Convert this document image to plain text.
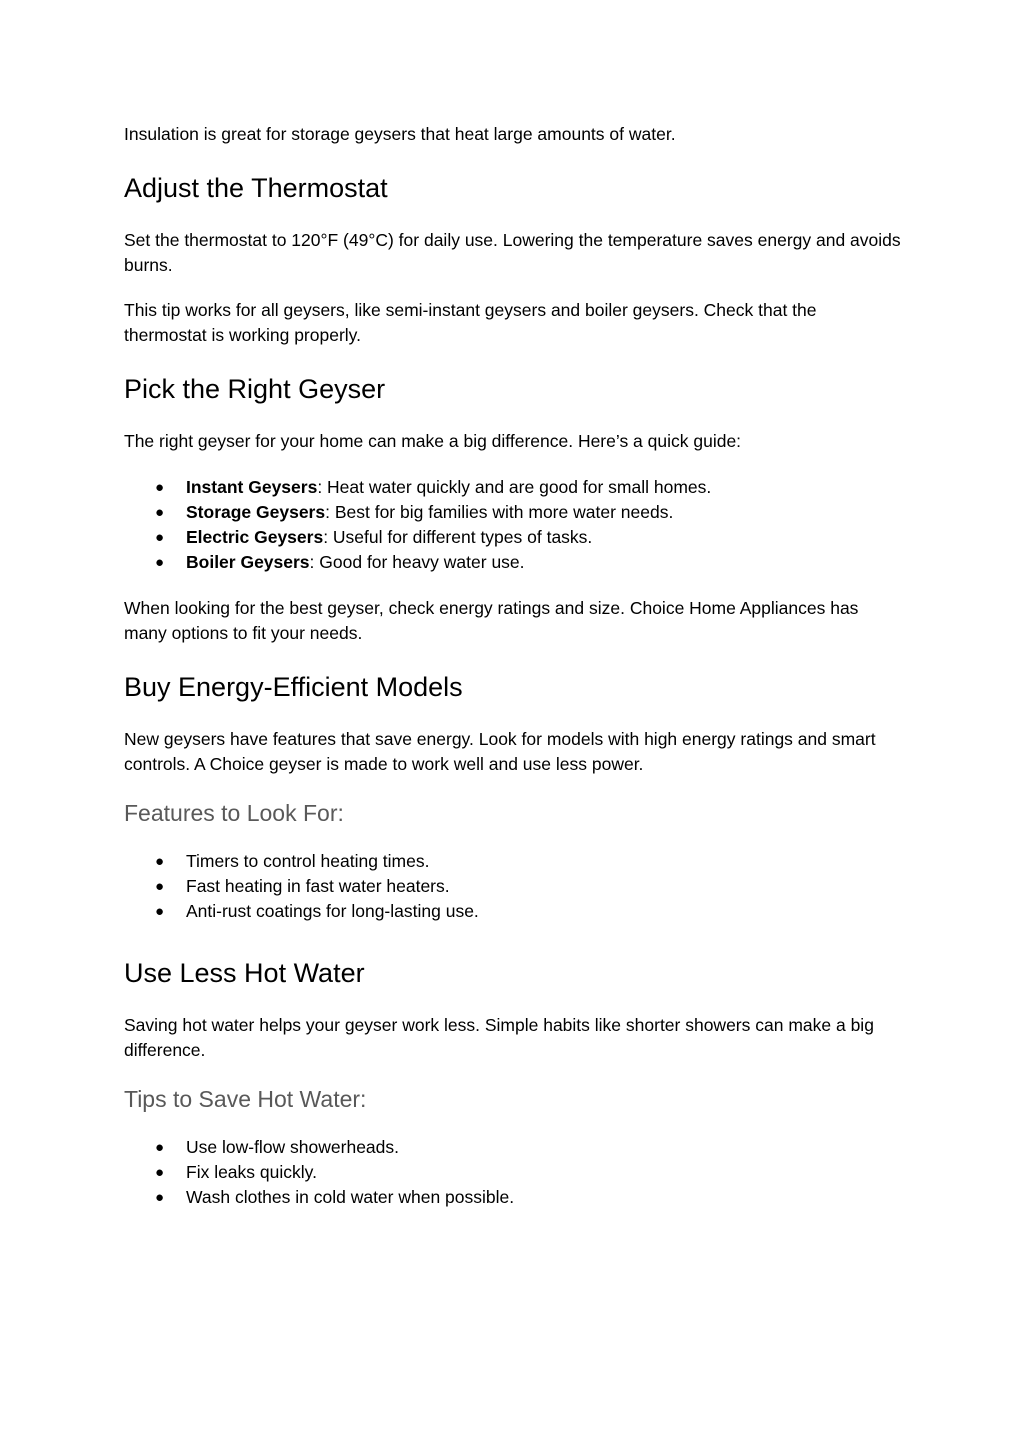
Insulation is great for storage geysers that heat large amounts of water.

Adjust the Thermostat

Set the thermostat to 120°F (49°C) for daily use. Lowering the temperature saves energy and avoids burns.

This tip works for all geysers, like semi-instant geysers and boiler geysers. Check that the thermostat is working properly.

Pick the Right Geyser

The right geyser for your home can make a big difference. Here’s a quick guide:

● Instant Geysers: Heat water quickly and are good for small homes.
● Storage Geysers: Best for big families with more water needs.
● Electric Geysers: Useful for different types of tasks.
● Boiler Geysers: Good for heavy water use.

When looking for the best geyser, check energy ratings and size. Choice Home Appliances has many options to fit your needs.

Buy Energy-Efficient Models

New geysers have features that save energy. Look for models with high energy ratings and smart controls. A Choice geyser is made to work well and use less power.

Features to Look For:
● Timers to control heating times.
● Fast heating in fast water heaters.
● Anti-rust coatings for long-lasting use.
Use Less Hot Water

Saving hot water helps your geyser work less. Simple habits like shorter showers can make a big difference.

Tips to Save Hot Water:
● Use low-flow showerheads.
● Fix leaks quickly.
● Wash clothes in cold water when possible.
